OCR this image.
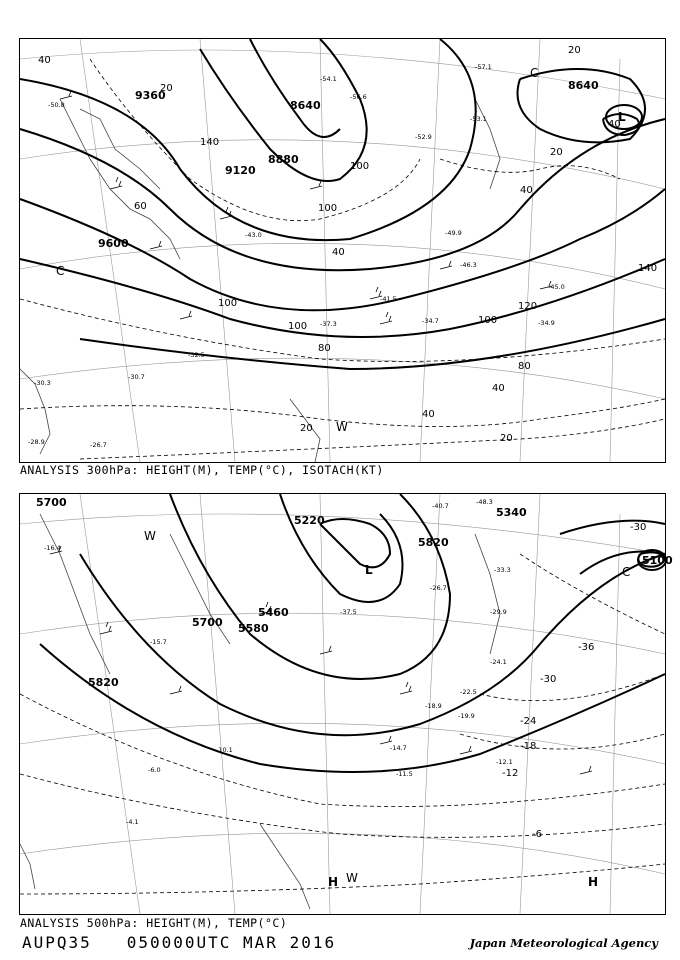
9360
9120
9600
8640
8880
8640
40
20
140
60
100
100
80
100
100
40
120
100
80
40
40
20
20
20
40
20
40
140
-50.8
-54.1
-56.6
-57.1
-52.9
-53.1
-49.9
-46.3
-45.0
-43.0
-41.5
-37.3	-34.7	-34.9
-32.5
-30.7
-30.3
-28.9	-26.7
L
C
C
W
ANALYSIS 300hPa: HEIGHT(M), TEMP(°C), ISOTACH(KT)
5700
5820
5460
5580
5700
5820
5340
5220
5100
-30
-36
-30
-24
-18
-12
-6
-40.7	-48.3
-37.5
-33.3
-29.9
-26.7
-24.1
-22.5
-19.9
-18.9
-16.4
-15.7
-14.7
-12.1
-11.5
-10.1
-6.0
-4.1
L	C
W
H W	H
ANALYSIS 500hPa: HEIGHT(M), TEMP(°C)
AUPQ35 050000UTC MAR 2016	Japan Meteorological Agency
